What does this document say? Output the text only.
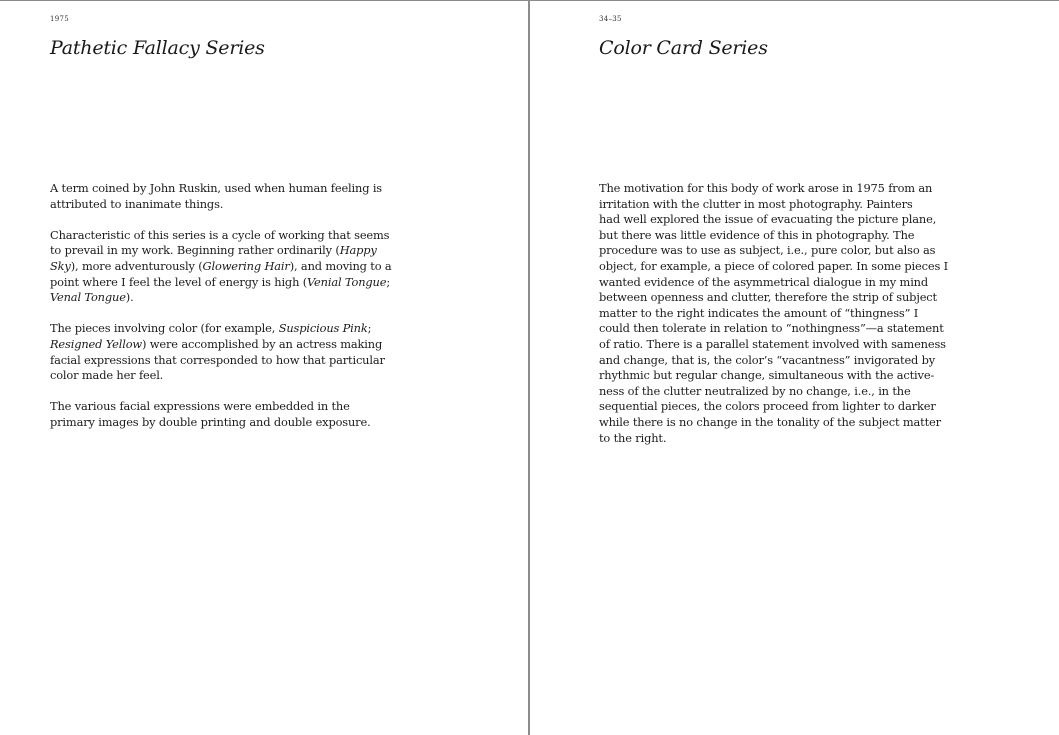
1975
Pathetic Fallacy Series
A term coined by John Ruskin, used when human feeling is
attributed to inanimate things.
Characteristic of this series is a cycle of working that seems
to prevail in my work. Beginning rather ordinarily (Happy
Sky), more adventurously (Glowering Hair), and moving to a
point where I feel the level of energy is high (Venial Tongue;
Venal Tongue).
The pieces involving color (for example, Suspicious Pink;
Resigned Yellow) were accomplished by an actress making
facial expressions that corresponded to how that particular
color made her feel.
The various facial expressions were embedded in the
primary images by double printing and double exposure.
34–35
Color Card Series
The motivation for this body of work arose in 1975 from an
irritation with the clutter in most photography. Painters
had well explored the issue of evacuating the picture plane,
but there was little evidence of this in photography. The
procedure was to use as subject, i.e., pure color, but also as
object, for example, a piece of colored paper. In some pieces I
wanted evidence of the asymmetrical dialogue in my mind
between openness and clutter, therefore the strip of subject
matter to the right indicates the amount of “thingness” I
could then tolerate in relation to “nothingness”—a statement
of ratio. There is a parallel statement involved with sameness
and change, that is, the color’s “vacantness” invigorated by
rhythmic but regular change, simultaneous with the active-
ness of the clutter neutralized by no change, i.e., in the
sequential pieces, the colors proceed from lighter to darker
while there is no change in the tonality of the subject matter
to the right.
